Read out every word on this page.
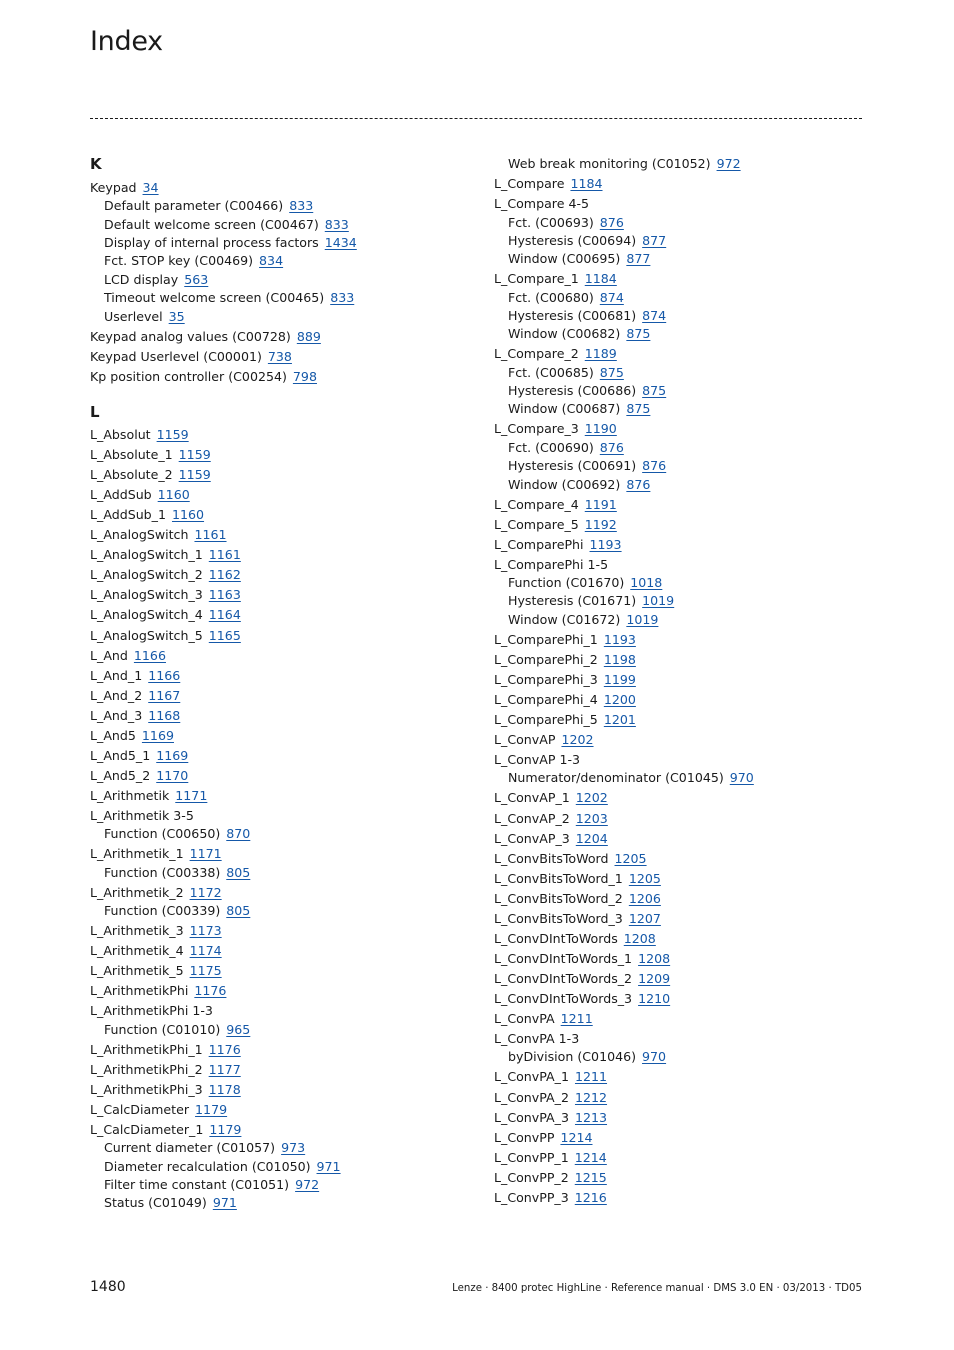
Index
K
Keypad 34
Default parameter (C00466) 833
Default welcome screen (C00467) 833
Display of internal process factors 1434
Fct. STOP key (C00469) 834
LCD display 563
Timeout welcome screen (C00465) 833
Userlevel 35
Keypad analog values (C00728) 889
Keypad Userlevel (C00001) 738
Kp position controller (C00254) 798
L
L_Absolut 1159
L_Absolute_1 1159
L_Absolute_2 1159
L_AddSub 1160
L_AddSub_1 1160
L_AnalogSwitch 1161
L_AnalogSwitch_1 1161
L_AnalogSwitch_2 1162
L_AnalogSwitch_3 1163
L_AnalogSwitch_4 1164
L_AnalogSwitch_5 1165
L_And 1166
L_And_1 1166
L_And_2 1167
L_And_3 1168
L_And5 1169
L_And5_1 1169
L_And5_2 1170
L_Arithmetik 1171
L_Arithmetik 3-5
Function (C00650) 870
L_Arithmetik_1 1171
Function (C00338) 805
L_Arithmetik_2 1172
Function (C00339) 805
L_Arithmetik_3 1173
L_Arithmetik_4 1174
L_Arithmetik_5 1175
L_ArithmetikPhi 1176
L_ArithmetikPhi 1-3
Function (C01010) 965
L_ArithmetikPhi_1 1176
L_ArithmetikPhi_2 1177
L_ArithmetikPhi_3 1178
L_CalcDiameter 1179
L_CalcDiameter_1 1179
Current diameter (C01057) 973
Diameter recalculation (C01050) 971
Filter time constant (C01051) 972
Status (C01049) 971
Web break monitoring (C01052) 972
L_Compare 1184
L_Compare 4-5
Fct. (C00693) 876
Hysteresis (C00694) 877
Window (C00695) 877
L_Compare_1 1184
Fct. (C00680) 874
Hysteresis (C00681) 874
Window (C00682) 875
L_Compare_2 1189
Fct. (C00685) 875
Hysteresis (C00686) 875
Window (C00687) 875
L_Compare_3 1190
Fct. (C00690) 876
Hysteresis (C00691) 876
Window (C00692) 876
L_Compare_4 1191
L_Compare_5 1192
L_ComparePhi 1193
L_ComparePhi 1-5
Function (C01670) 1018
Hysteresis (C01671) 1019
Window (C01672) 1019
L_ComparePhi_1 1193
L_ComparePhi_2 1198
L_ComparePhi_3 1199
L_ComparePhi_4 1200
L_ComparePhi_5 1201
L_ConvAP 1202
L_ConvAP 1-3
Numerator/denominator (C01045) 970
L_ConvAP_1 1202
L_ConvAP_2 1203
L_ConvAP_3 1204
L_ConvBitsToWord 1205
L_ConvBitsToWord_1 1205
L_ConvBitsToWord_2 1206
L_ConvBitsToWord_3 1207
L_ConvDIntToWords 1208
L_ConvDIntToWords_1 1208
L_ConvDIntToWords_2 1209
L_ConvDIntToWords_3 1210
L_ConvPA 1211
L_ConvPA 1-3
byDivision (C01046) 970
L_ConvPA_1 1211
L_ConvPA_2 1212
L_ConvPA_3 1213
L_ConvPP 1214
L_ConvPP_1 1214
L_ConvPP_2 1215
L_ConvPP_3 1216
1480	Lenze · 8400 protec HighLine · Reference manual · DMS 3.0 EN · 03/2013 · TD05
